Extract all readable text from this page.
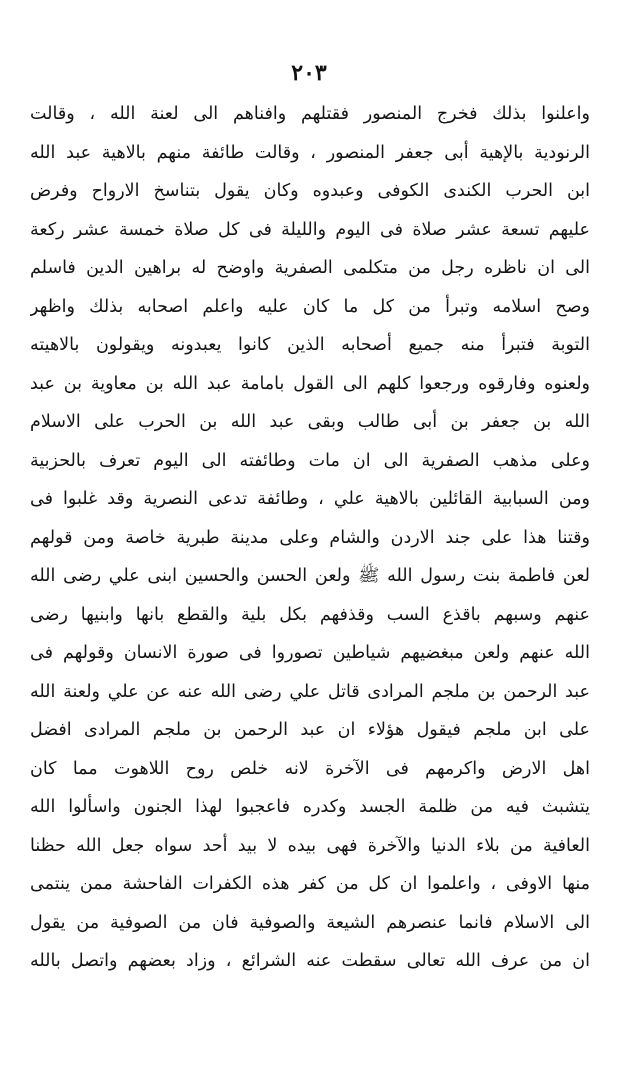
٢٠٣
واعلنوا بذلك فخرج المنصور فقتلهم وافناهم الى لعنة الله ، وقالت
الرنودية بالإهية أبى جعفر المنصور ، وقالت طائفة منهم بالاهية عبد الله
ابن الحرب الكندى الكوفى وعبدوه وكان يقول بتناسخ الارواح وفرض
عليهم تسعة عشر صلاة فى اليوم والليلة فى كل صلاة خمسة عشر ركعة
الى ان ناظره رجل من متكلمى الصفرية واوضح له براهين الدين فاسلم
وصح اسلامه وتبرأ من كل ما كان عليه واعلم اصحابه بذلك واظهر
التوبة فتبرأ منه جميع أصحابه الذين كانوا يعبدونه ويقولون بالاهيته
ولعنوه وفارقوه ورجعوا كلهم الى القول بامامة عبد الله بن معاوية بن عبد
الله بن جعفر بن أبى طالب وبقى عبد الله بن الحرب على الاسلام
وعلى مذهب الصفرية الى ان مات وطائفته الى اليوم تعرف بالحزبية
ومن السبابية القائلين بالاهية علي ، وطائفة تدعى النصرية وقد غلبوا فى
وقتنا هذا على جند الاردن والشام وعلى مدينة طبرية خاصة ومن قولهم
لعن فاطمة بنت رسول الله ﷺ ولعن الحسن والحسين ابنى علي رضى الله
عنهم وسبهم باقذع السب وقذفهم بكل بلية والقطع بانها وابنيها رضى
الله عنهم ولعن مبغضيهم شياطين تصوروا فى صورة الانسان وقولهم فى
عبد الرحمن بن ملجم المرادى قاتل علي رضى الله عنه عن علي ولعنة الله
على ابن ملجم فيقول هؤلاء ان عبد الرحمن بن ملجم المرادى افضل
اهل الارض واكرمهم فى الآخرة لانه خلص روح اللاهوت مما كان
يتشبث فيه من ظلمة الجسد وكدره فاعجبوا لهذا الجنون واسألوا الله
العافية من بلاء الدنيا والآخرة فهى بيده لا بيد أحد سواه جعل الله حظنا
منها الاوفى ، واعلموا ان كل من كفر هذه الكفرات الفاحشة ممن ينتمى
الى الاسلام فانما عنصرهم الشيعة والصوفية فان من الصوفية من يقول
ان من عرف الله تعالى سقطت عنه الشرائع ، وزاد بعضهم واتصل بالله
